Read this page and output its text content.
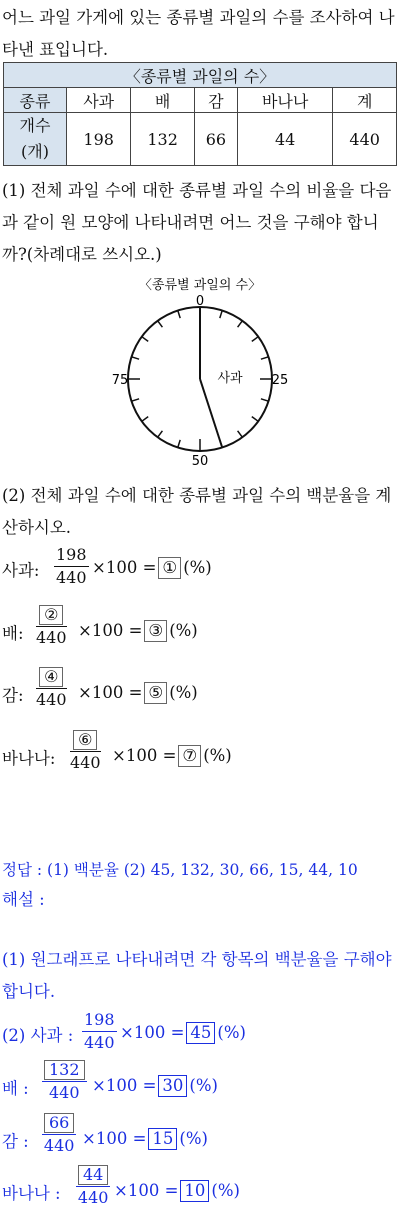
어느 과일 가게에 있는 종류별 과일의 수를 조사하여 나타낸 표입니다.
〈종류별 과일의 수〉					
종류	사과	배	감	바나나	계
개수 (개)	198	132	66	44	440
(1) 전체 과일 수에 대한 종류별 과일 수의 비율을 다음과 같이 원 모양에 나타내려면 어느 것을 구해야 합니까?(차례대로 쓰시오.)
〈종류별 과일의 수〉
0
25
50
75	사과
(2) 전체 과일 수에 대한 종류별 과일 수의 백분율을 계산하시오.
사과: $\frac{198}{440} \times 100$ = ① (%)
배:
②
440 ×100 = ③ (%)
감:
④
440 ×100 = ⑤ (%)
바나나:
⑥
440 ×100 = ⑦ (%)
정답 : (1) 백분율 (2) 45, 132, 30, 66, 15, 44, 10
해설 :
(1) 원그래프로 나타내려면 각 항목의 백분율을 구해야 합니다.
(2) 사과 : $\frac{198}{440} \times 100 = 45$ (%)
배 : $\frac{132}{440} \times 100 = 30$ (%)
감 : $\frac{66}{440} \times 100 = 15$ (%)
바나나 : $\frac{44}{440} \times 100 = 10$ (%)
